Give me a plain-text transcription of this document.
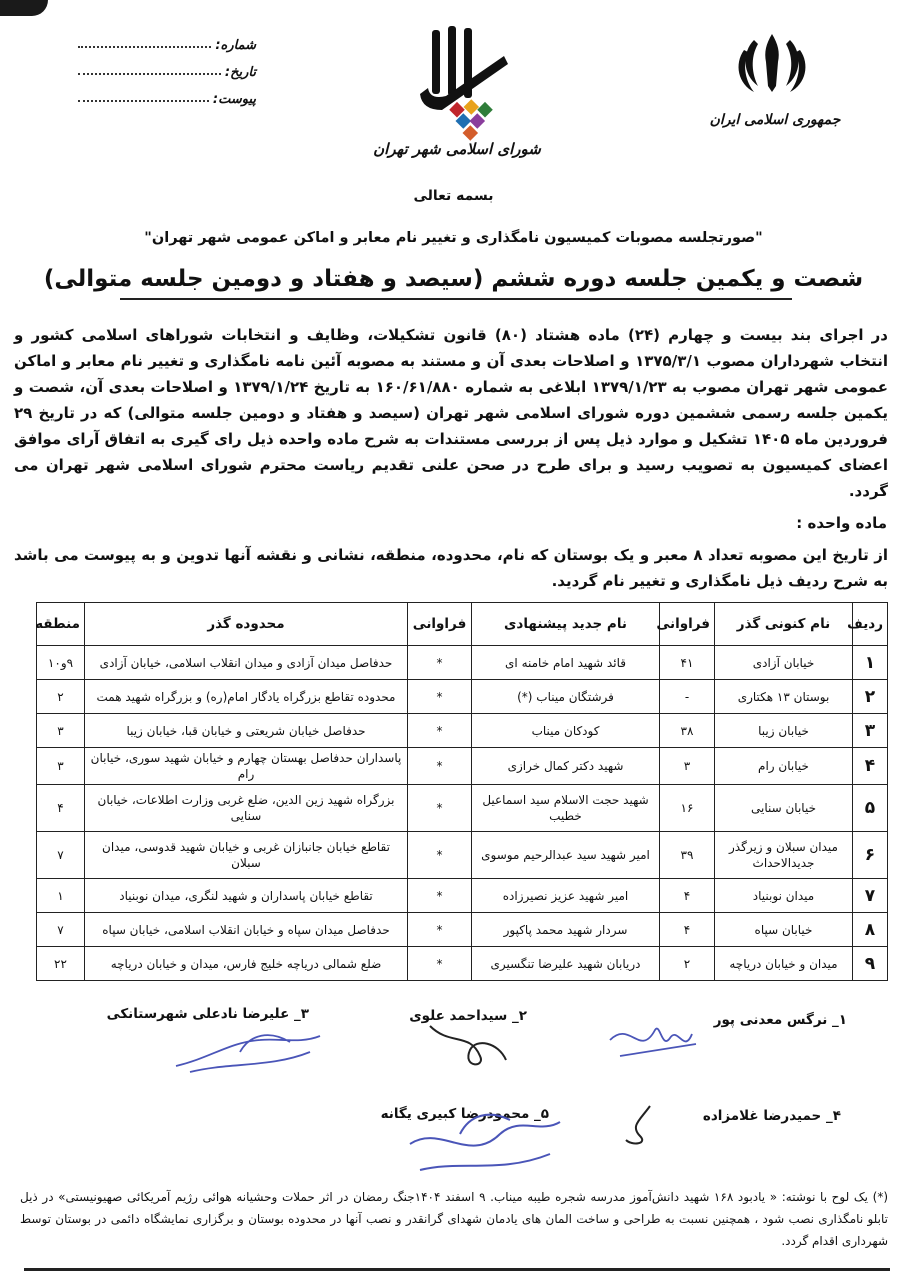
شماره:
تاریخ:
پیوست:
جمهوری اسلامی ایران
شورای اسلامی شهر تهران
بسمه تعالی
"صورتجلسه مصوبات کمیسیون نامگذاری و تغییر نام معابر و اماکن عمومی شهر تهران"
شصت و یکمین جلسه دوره ششم (سیصد و هفتاد و دومین جلسه متوالی)
در اجرای بند بیست و چهارم (۲۴) ماده هشتاد (۸۰) قانون تشکیلات، وظایف و انتخابات شوراهای اسلامی کشور و انتخاب شهرداران مصوب ۱۳۷۵/۳/۱ و اصلاحات بعدی آن و مستند به مصوبه آئین نامه نامگذاری و تغییر نام معابر و اماکن عمومی شهر تهران مصوب به ۱۳۷۹/۱/۲۳ ابلاغی به شماره ۱۶۰/۶۱/۸۸۰ به تاریخ ۱۳۷۹/۱/۲۴ و اصلاحات بعدی آن، شصت و یکمین جلسه رسمی ششمین دوره شورای اسلامی شهر تهران (سیصد و هفتاد و دومین جلسه متوالی) که در تاریخ ۲۹ فروردین ماه ۱۴۰۵ تشکیل و موارد ذیل پس از بررسی مستندات به شرح ماده واحده ذیل رای گیری به اتفاق آرای موافق اعضای کمیسیون به تصویب رسید و برای طرح در صحن علنی تقدیم ریاست محترم شورای اسلامی شهر تهران می گردد.
ماده واحده :
از تاریخ این مصوبه تعداد ۸ معبر و یک بوستان که نام، محدوده، منطقه، نشانی و نقشه آنها تدوین و به پیوست می باشد به شرح ردیف ذیل نامگذاری و تغییر نام گردید.
ردیف	نام کنونی گذر	فراوانی	نام جدید پیشنهادی	فراوانی	محدوده گذر	منطقه
۱	خیابان آزادی	۴۱	قائد شهید امام خامنه ای	*	حدفاصل میدان آزادی و میدان انقلاب اسلامی، خیابان آزادی	۹و۱۰
۲	بوستان ۱۳ هکتاری	-	فرشتگان میناب (*)	*	محدوده تقاطع بزرگراه یادگار امام(ره) و بزرگراه شهید همت	۲
۳	خیابان زیبا	۳۸	کودکان میناب	*	حدفاصل خیابان شریعتی و خیابان قبا، خیابان زیبا	۳
۴	خیابان رام	۳	شهید دکتر کمال خرازی	*	پاسداران حدفاصل بهستان چهارم و خیابان شهید سوری، خیابان رام	۳
۵	خیابان سنایی	۱۶	شهید حجت الاسلام سید اسماعیل خطیب	*	بزرگراه شهید زین الدین، ضلع غربی وزارت اطلاعات، خیابان سنایی	۴
۶	میدان سبلان و زیرگذر جدیدالاحداث	۳۹	امیر شهید سید عبدالرحیم موسوی	*	تقاطع خیابان جانبازان غربی و خیابان شهید قدوسی، میدان سبلان	۷
۷	میدان نوبنیاد	۴	امیر شهید عزیز نصیرزاده	*	تقاطع خیابان پاسداران و شهید لنگری، میدان نوبنیاد	۱
۸	خیابان سپاه	۴	سردار شهید محمد پاکپور	*	حدفاصل میدان سپاه و خیابان انقلاب اسلامی، خیابان سپاه	۷
۹	میدان و خیابان دریاچه	۲	دریابان شهید علیرضا تنگسیری	*	ضلع شمالی دریاچه خلیج فارس، میدان و خیابان دریاچه	۲۲
۱_ نرگس معدنی پور
۲_ سیداحمد علوی
۳_ علیرضا نادعلی شهرستانکی
۴_ حمیدرضا غلامزاده
۵_ محمودرضا کبیری یگانه
(*) یک لوح با نوشته: « یادبود ۱۶۸ شهید دانش‌آموز مدرسه شجره طیبه میناب. ۹ اسفند ۱۴۰۴جنگ رمضان در اثر حملات وحشیانه هوائی رژیم آمریکائی صهیونیستی» در ذیل تابلو نامگذاری نصب شود ، همچنین نسبت به طراحی و ساخت المان های یادمان شهدای گرانقدر و نصب آنها در محدوده بوستان و برگزاری نمایشگاه دائمی در بوستان توسط شهرداری اقدام گردد.
